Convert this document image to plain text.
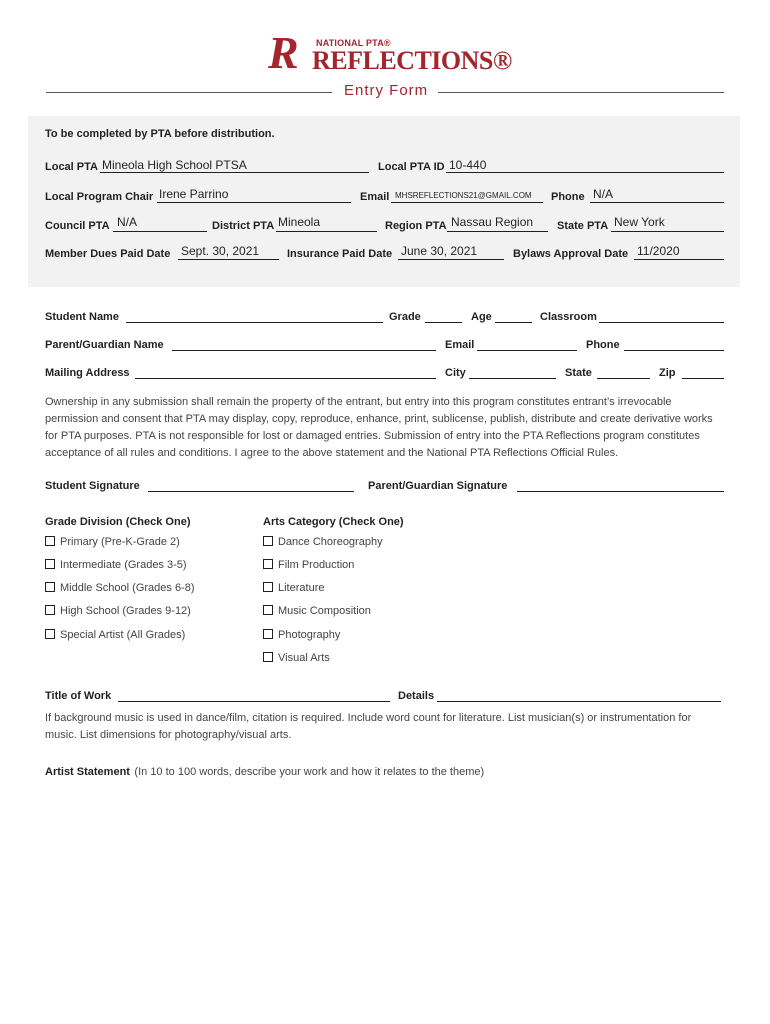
R NATIONAL PTA®
REFLECTIONS®
Entry Form
To be completed by PTA before distribution.
Local PTA Mineola High School PTSA	Local PTA ID 10-440
Local Program Chair Irene Parrino	Email MHSREFLECTIONS21@GMAIL.COM Phone N/A
Council PTA N/A	District PTA Mineola	Region PTA Nassau Region State PTA New York
Member Dues Paid Date Sept. 30, 2021	Insurance Paid Date June 30, 2021	Bylaws Approval Date 11/2020
Student Name	Grade	Age	Classroom
Parent/Guardian Name	Email	Phone
Mailing Address	City	State	Zip
Ownership in any submission shall remain the property of the entrant, but entry into this program constitutes entrant’s irrevocable permission and consent that PTA may display, copy, reproduce, enhance, print, sublicense, publish, distribute and create derivative works for PTA purposes. PTA is not responsible for lost or damaged entries. Submission of entry into the PTA Reflections program constitutes acceptance of all rules and conditions. I agree to the above statement and the National PTA Reflections Official Rules.
Student Signature	Parent/Guardian Signature
Grade Division (Check One)
Primary (Pre-K-Grade 2)
Intermediate (Grades 3-5)
Middle School (Grades 6-8)
High School (Grades 9-12)
Special Artist (All Grades)
Arts Category (Check One)
Dance Choreography
Film Production
Literature
Music Composition
Photography
Visual Arts
Title of Work	Details
If background music is used in dance/film, citation is required. Include word count for literature. List musician(s) or instrumentation for music. List dimensions for photography/visual arts.
Artist Statement (In 10 to 100 words, describe your work and how it relates to the theme)
